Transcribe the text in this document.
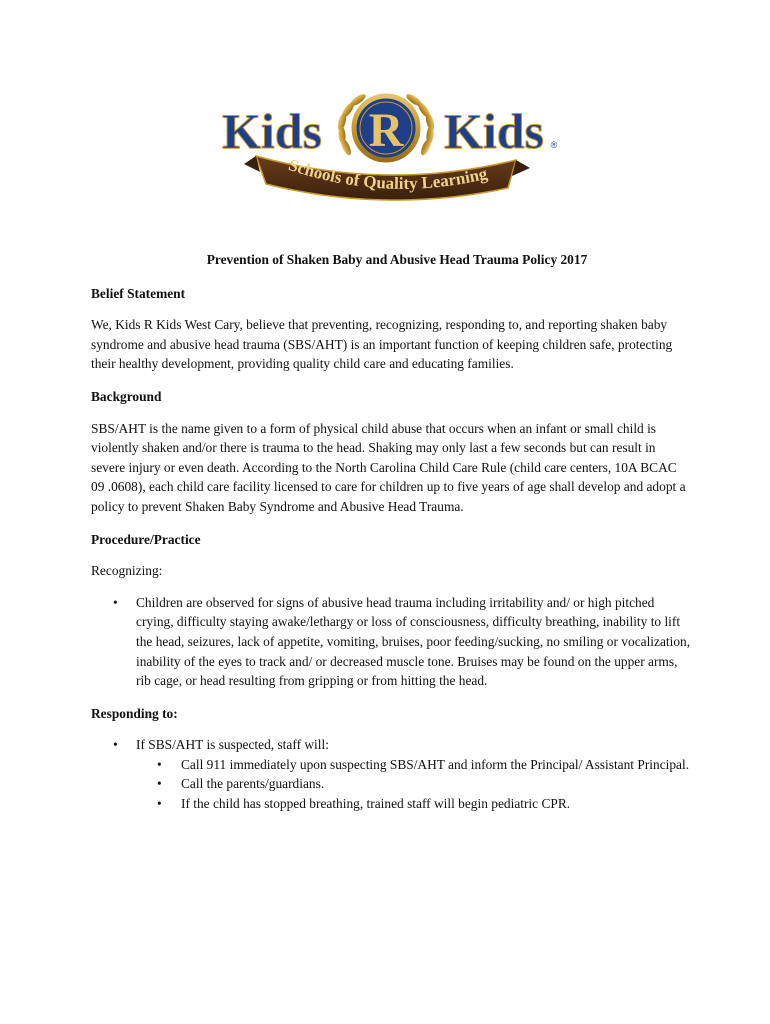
Kids R Kids ®
Schools of Quality Learning

Prevention of Shaken Baby and Abusive Head Trauma Policy 2017

Belief Statement

We, Kids R Kids West Cary, believe that preventing, recognizing, responding to, and reporting shaken baby syndrome and abusive head trauma (SBS/AHT) is an important function of keeping children safe, protecting their healthy development, providing quality child care and educating families.

Background

SBS/AHT is the name given to a form of physical child abuse that occurs when an infant or small child is violently shaken and/or there is trauma to the head. Shaking may only last a few seconds but can result in severe injury or even death. According to the North Carolina Child Care Rule (child care centers, 10A BCAC 09 .0608), each child care facility licensed to care for children up to five years of age shall develop and adopt a policy to prevent Shaken Baby Syndrome and Abusive Head Trauma.

Procedure/Practice

Recognizing:

• Children are observed for signs of abusive head trauma including irritability and/ or high pitched crying, difficulty staying awake/lethargy or loss of consciousness, difficulty breathing, inability to lift the head, seizures, lack of appetite, vomiting, bruises, poor feeding/sucking, no smiling or vocalization, inability of the eyes to track and/ or decreased muscle tone. Bruises may be found on the upper arms, rib cage, or head resulting from gripping or from hitting the head.

Responding to:

• If SBS/AHT is suspected, staff will:
• Call 911 immediately upon suspecting SBS/AHT and inform the Principal/ Assistant Principal.
• Call the parents/guardians.
• If the child has stopped breathing, trained staff will begin pediatric CPR.
